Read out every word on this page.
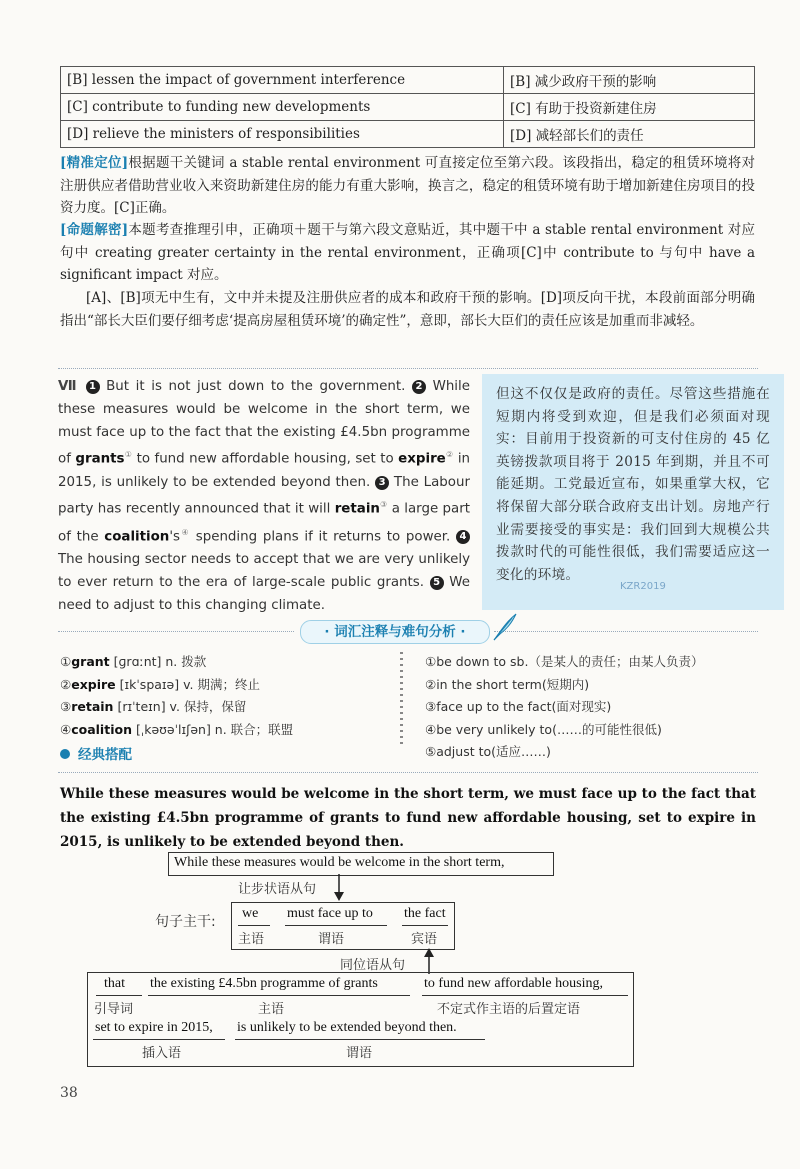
[B] lessen the impact of government interference	[B] 减少政府干预的影响
[C] contribute to funding new developments	[C] 有助于投资新建住房
[D] relieve the ministers of responsibilities	[D] 减轻部长们的责任
[精准定位]根据题干关键词 a stable rental environment 可直接定位至第六段。该段指出，稳定的租赁环境将对注册供应者借助营业收入来资助新建住房的能力有重大影响，换言之，稳定的租赁环境有助于增加新建住房项目的投资力度。[C]正确。
[命题解密]本题考查推理引申，正确项＋题干与第六段文意贴近，其中题干中 a stable rental environment 对应句中 creating greater certainty in the rental environment，正确项[C]中 contribute to 与句中 have a significant impact 对应。
[A]、[B]项无中生有，文中并未提及注册供应者的成本和政府干预的影响。[D]项反向干扰，本段前面部分明确指出“部长大臣们要仔细考虑‘提高房屋租赁环境’的确定性”，意即，部长大臣们的责任应该是加重而非减轻。
Ⅶ 1 But it is not just down to the government. 2 While these measures would be welcome in the short term, we must face up to the fact that the existing £4.5bn programme of grants① to fund new affordable housing, set to expire② in 2015, is unlikely to be extended beyond then. 3 The Labour party has recently announced that it will retain③ a large part of the coalition's④ spending plans if it returns to power. 4 The housing sector needs to accept that we are very unlikely to ever return to the era of large-scale public grants. 5 We need to adjust to this changing climate.
但这不仅仅是政府的责任。尽管这些措施在短期内将受到欢迎，但是我们必须面对现实：目前用于投资新的可支付住房的 45 亿英镑拨款项目将于 2015 年到期，并且不可能延期。工党最近宣布，如果重掌大权，它将保留大部分联合政府支出计划。房地产行业需要接受的事实是：我们回到大规模公共拨款时代的可能性很低，我们需要适应这一变化的环境。
KZR2019
· 词汇注释与难句分析 ·
①grant [ɡrɑːnt] n. 拨款
②expire [ɪkˈspaɪə] v. 期满；终止
③retain [rɪˈteɪn] v. 保持，保留
④coalition [ˌkəʊəˈlɪʃən] n. 联合；联盟
①be down to sb.（是某人的责任；由某人负责）
②in the short term(短期内)
③face up to the fact(面对现实)
④be very unlikely to(……的可能性很低)
⑤adjust to(适应……)
经典搭配
While these measures would be welcome in the short term, we must face up to the fact that the existing £4.5bn programme of grants to fund new affordable housing, set to expire in 2015, is unlikely to be extended beyond then.
While these measures would be welcome in the short term,
让步状语从句
句子主干:
we
主语
must face up to
谓语
the fact
宾语
同位语从句
that
引导词
the existing £4.5bn programme of grants
主语
to fund new affordable housing,
不定式作主语的后置定语
set to expire in 2015,
插入语
is unlikely to be extended beyond then.
谓语
38
